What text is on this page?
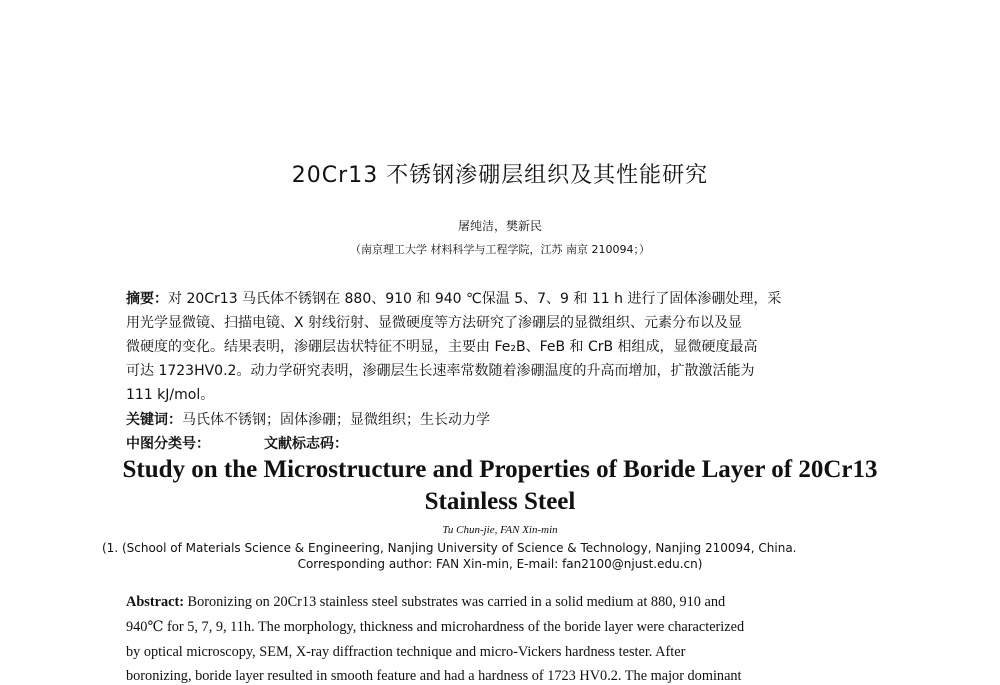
20Cr13 不锈钢渗硼层组织及其性能研究
屠纯洁，樊新民
（南京理工大学 材料科学与工程学院，江苏 南京 210094；）
摘要：对 20Cr13 马氏体不锈钢在 880、910 和 940 ℃保温 5、7、9 和 11 h 进行了固体渗硼处理，采
用光学显微镜、扫描电镜、X 射线衍射、显微硬度等方法研究了渗硼层的显微组织、元素分布以及显
微硬度的变化。结果表明，渗硼层齿状特征不明显，主要由 Fe₂B、FeB 和 CrB 相组成，显微硬度最高
可达 1723HV0.2。动力学研究表明，渗硼层生长速率常数随着渗硼温度的升高而增加，扩散激活能为
111 kJ/mol。
关键词：马氏体不锈钢；固体渗硼；显微组织；生长动力学
中图分类号：	文献标志码：
Study on the Microstructure and Properties of Boride Layer of 20Cr13
Stainless Steel
Tu Chun-jie, FAN Xin-min
(1. (School of Materials Science & Engineering, Nanjing University of Science & Technology, Nanjing 210094, China.
Corresponding author: FAN Xin-min, E-mail: fan2100@njust.edu.cn)
Abstract: Boronizing on 20Cr13 stainless steel substrates was carried in a solid medium at 880, 910 and
940℃ for 5, 7, 9, 11h. The morphology, thickness and microhardness of the boride layer were characterized
by optical microscopy, SEM, X-ray diffraction technique and micro-Vickers hardness tester. After
boronizing, boride layer resulted in smooth feature and had a hardness of 1723 HV0.2. The major dominant
